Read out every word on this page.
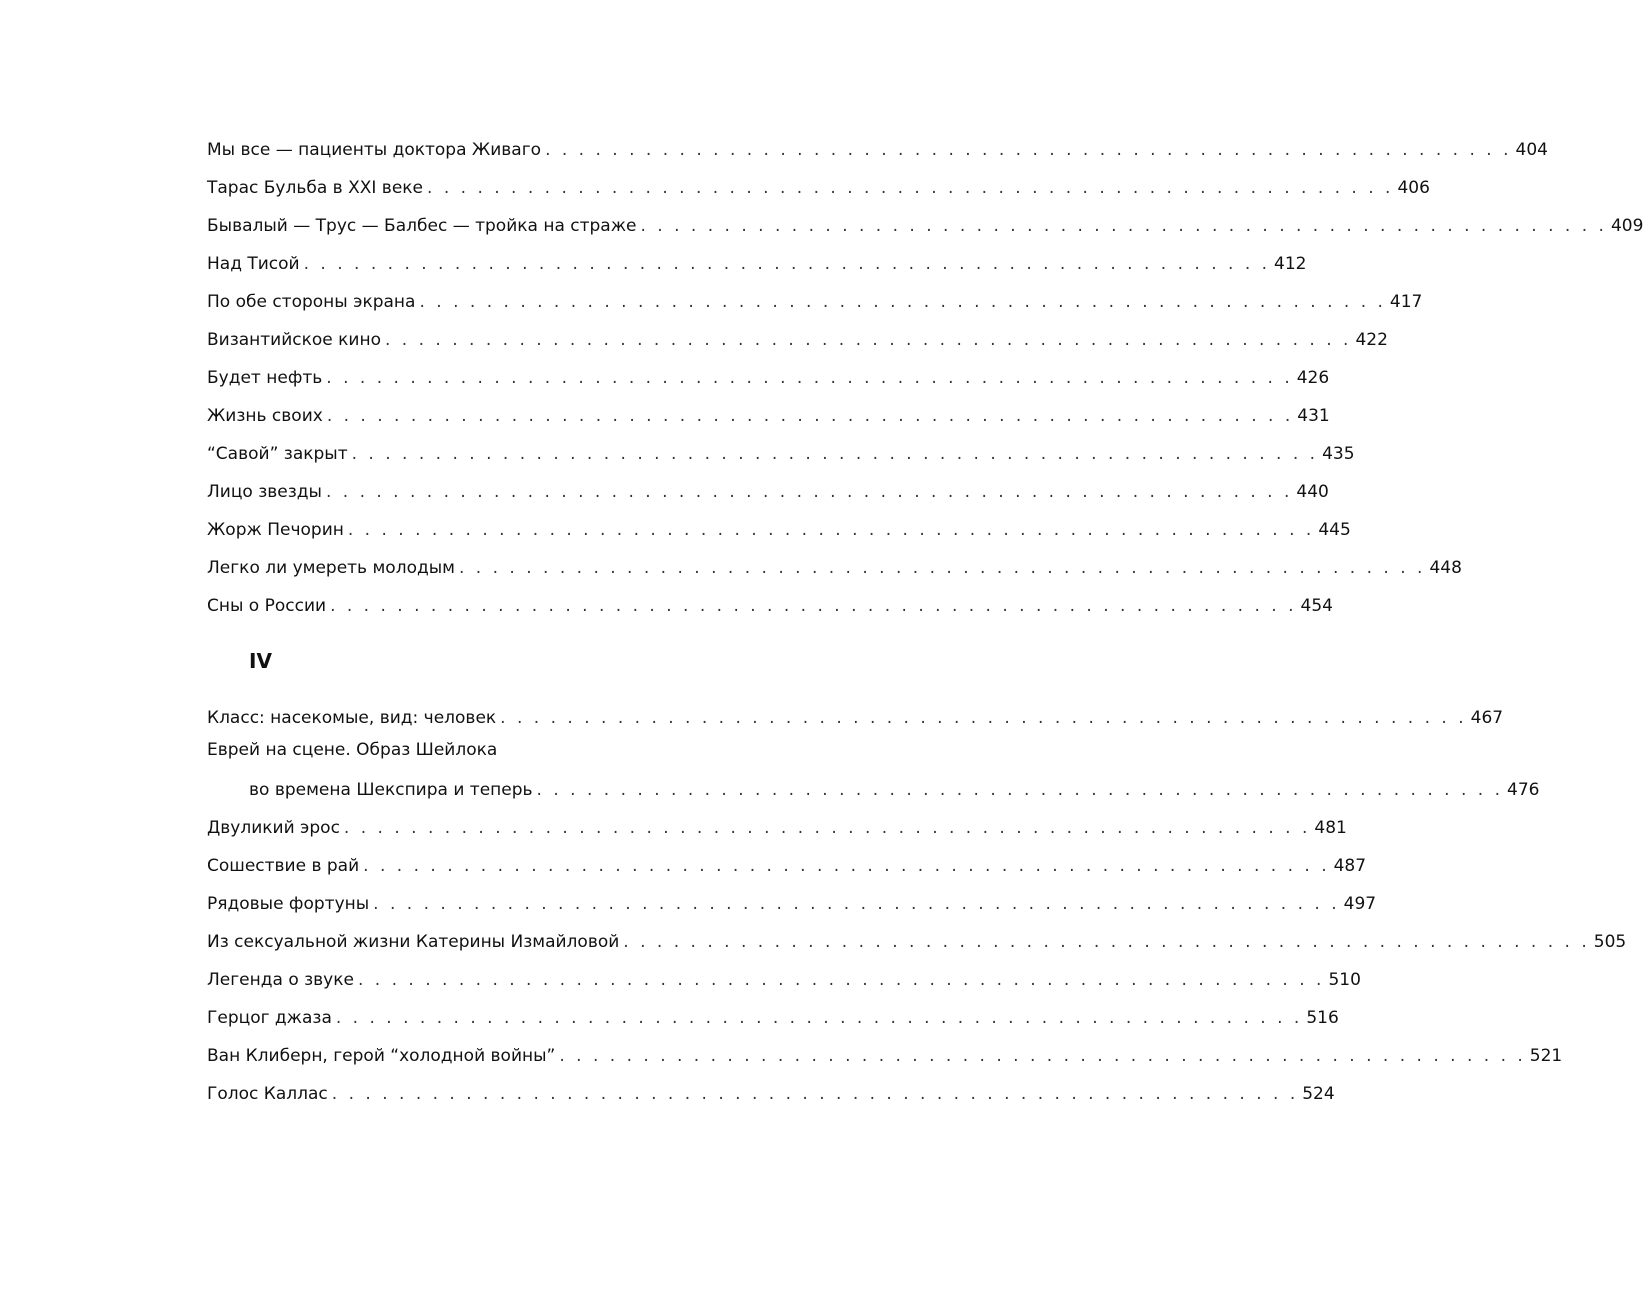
Мы все — пациенты доктора Живаго . . . . . . . . . . . . . . . . . . . . . . . . . . . . . . . . . . . . . . . . . . . . . . . . . . . . . . . . . . 404
Тарас Бульба в XXI веке . . . . . . . . . . . . . . . . . . . . . . . . . . . . . . . . . . . . . . . . . . . . . . . . . . . . . . . . . . 406
Бывалый — Трус — Балбес — тройка на страже . . . . . . . . . . . . . . . . . . . . . . . . . . . . . . . . . . . . . . . . . . . . . . . . . . . . . . . . . . 409
Над Тисой . . . . . . . . . . . . . . . . . . . . . . . . . . . . . . . . . . . . . . . . . . . . . . . . . . . . . . . . . . 412
По обе стороны экрана . . . . . . . . . . . . . . . . . . . . . . . . . . . . . . . . . . . . . . . . . . . . . . . . . . . . . . . . . . 417
Византийское кино . . . . . . . . . . . . . . . . . . . . . . . . . . . . . . . . . . . . . . . . . . . . . . . . . . . . . . . . . . 422
Будет нефть . . . . . . . . . . . . . . . . . . . . . . . . . . . . . . . . . . . . . . . . . . . . . . . . . . . . . . . . . . 426
Жизнь своих . . . . . . . . . . . . . . . . . . . . . . . . . . . . . . . . . . . . . . . . . . . . . . . . . . . . . . . . . . 431
“Савой” закрыт . . . . . . . . . . . . . . . . . . . . . . . . . . . . . . . . . . . . . . . . . . . . . . . . . . . . . . . . . . 435
Лицо звезды . . . . . . . . . . . . . . . . . . . . . . . . . . . . . . . . . . . . . . . . . . . . . . . . . . . . . . . . . . 440
Жорж Печорин . . . . . . . . . . . . . . . . . . . . . . . . . . . . . . . . . . . . . . . . . . . . . . . . . . . . . . . . . . 445
Легко ли умереть молодым . . . . . . . . . . . . . . . . . . . . . . . . . . . . . . . . . . . . . . . . . . . . . . . . . . . . . . . . . . 448
Сны о России . . . . . . . . . . . . . . . . . . . . . . . . . . . . . . . . . . . . . . . . . . . . . . . . . . . . . . . . . . 454
IV
Класс: насекомые, вид: человек . . . . . . . . . . . . . . . . . . . . . . . . . . . . . . . . . . . . . . . . . . . . . . . . . . . . . . . . . . 467
Еврей на сцене. Образ Шейлока
во времена Шекспира и теперь . . . . . . . . . . . . . . . . . . . . . . . . . . . . . . . . . . . . . . . . . . . . . . . . . . . . . . . . . . 476
Двуликий эрос . . . . . . . . . . . . . . . . . . . . . . . . . . . . . . . . . . . . . . . . . . . . . . . . . . . . . . . . . . 481
Сошествие в рай . . . . . . . . . . . . . . . . . . . . . . . . . . . . . . . . . . . . . . . . . . . . . . . . . . . . . . . . . . 487
Рядовые фортуны . . . . . . . . . . . . . . . . . . . . . . . . . . . . . . . . . . . . . . . . . . . . . . . . . . . . . . . . . . 497
Из сексуальной жизни Катерины Измайловой . . . . . . . . . . . . . . . . . . . . . . . . . . . . . . . . . . . . . . . . . . . . . . . . . . . . . . . . . . 505
Легенда о звуке . . . . . . . . . . . . . . . . . . . . . . . . . . . . . . . . . . . . . . . . . . . . . . . . . . . . . . . . . . 510
Герцог джаза . . . . . . . . . . . . . . . . . . . . . . . . . . . . . . . . . . . . . . . . . . . . . . . . . . . . . . . . . . 516
Ван Клиберн, герой “холодной войны” . . . . . . . . . . . . . . . . . . . . . . . . . . . . . . . . . . . . . . . . . . . . . . . . . . . . . . . . . . 521
Голос Каллас . . . . . . . . . . . . . . . . . . . . . . . . . . . . . . . . . . . . . . . . . . . . . . . . . . . . . . . . . . 524
